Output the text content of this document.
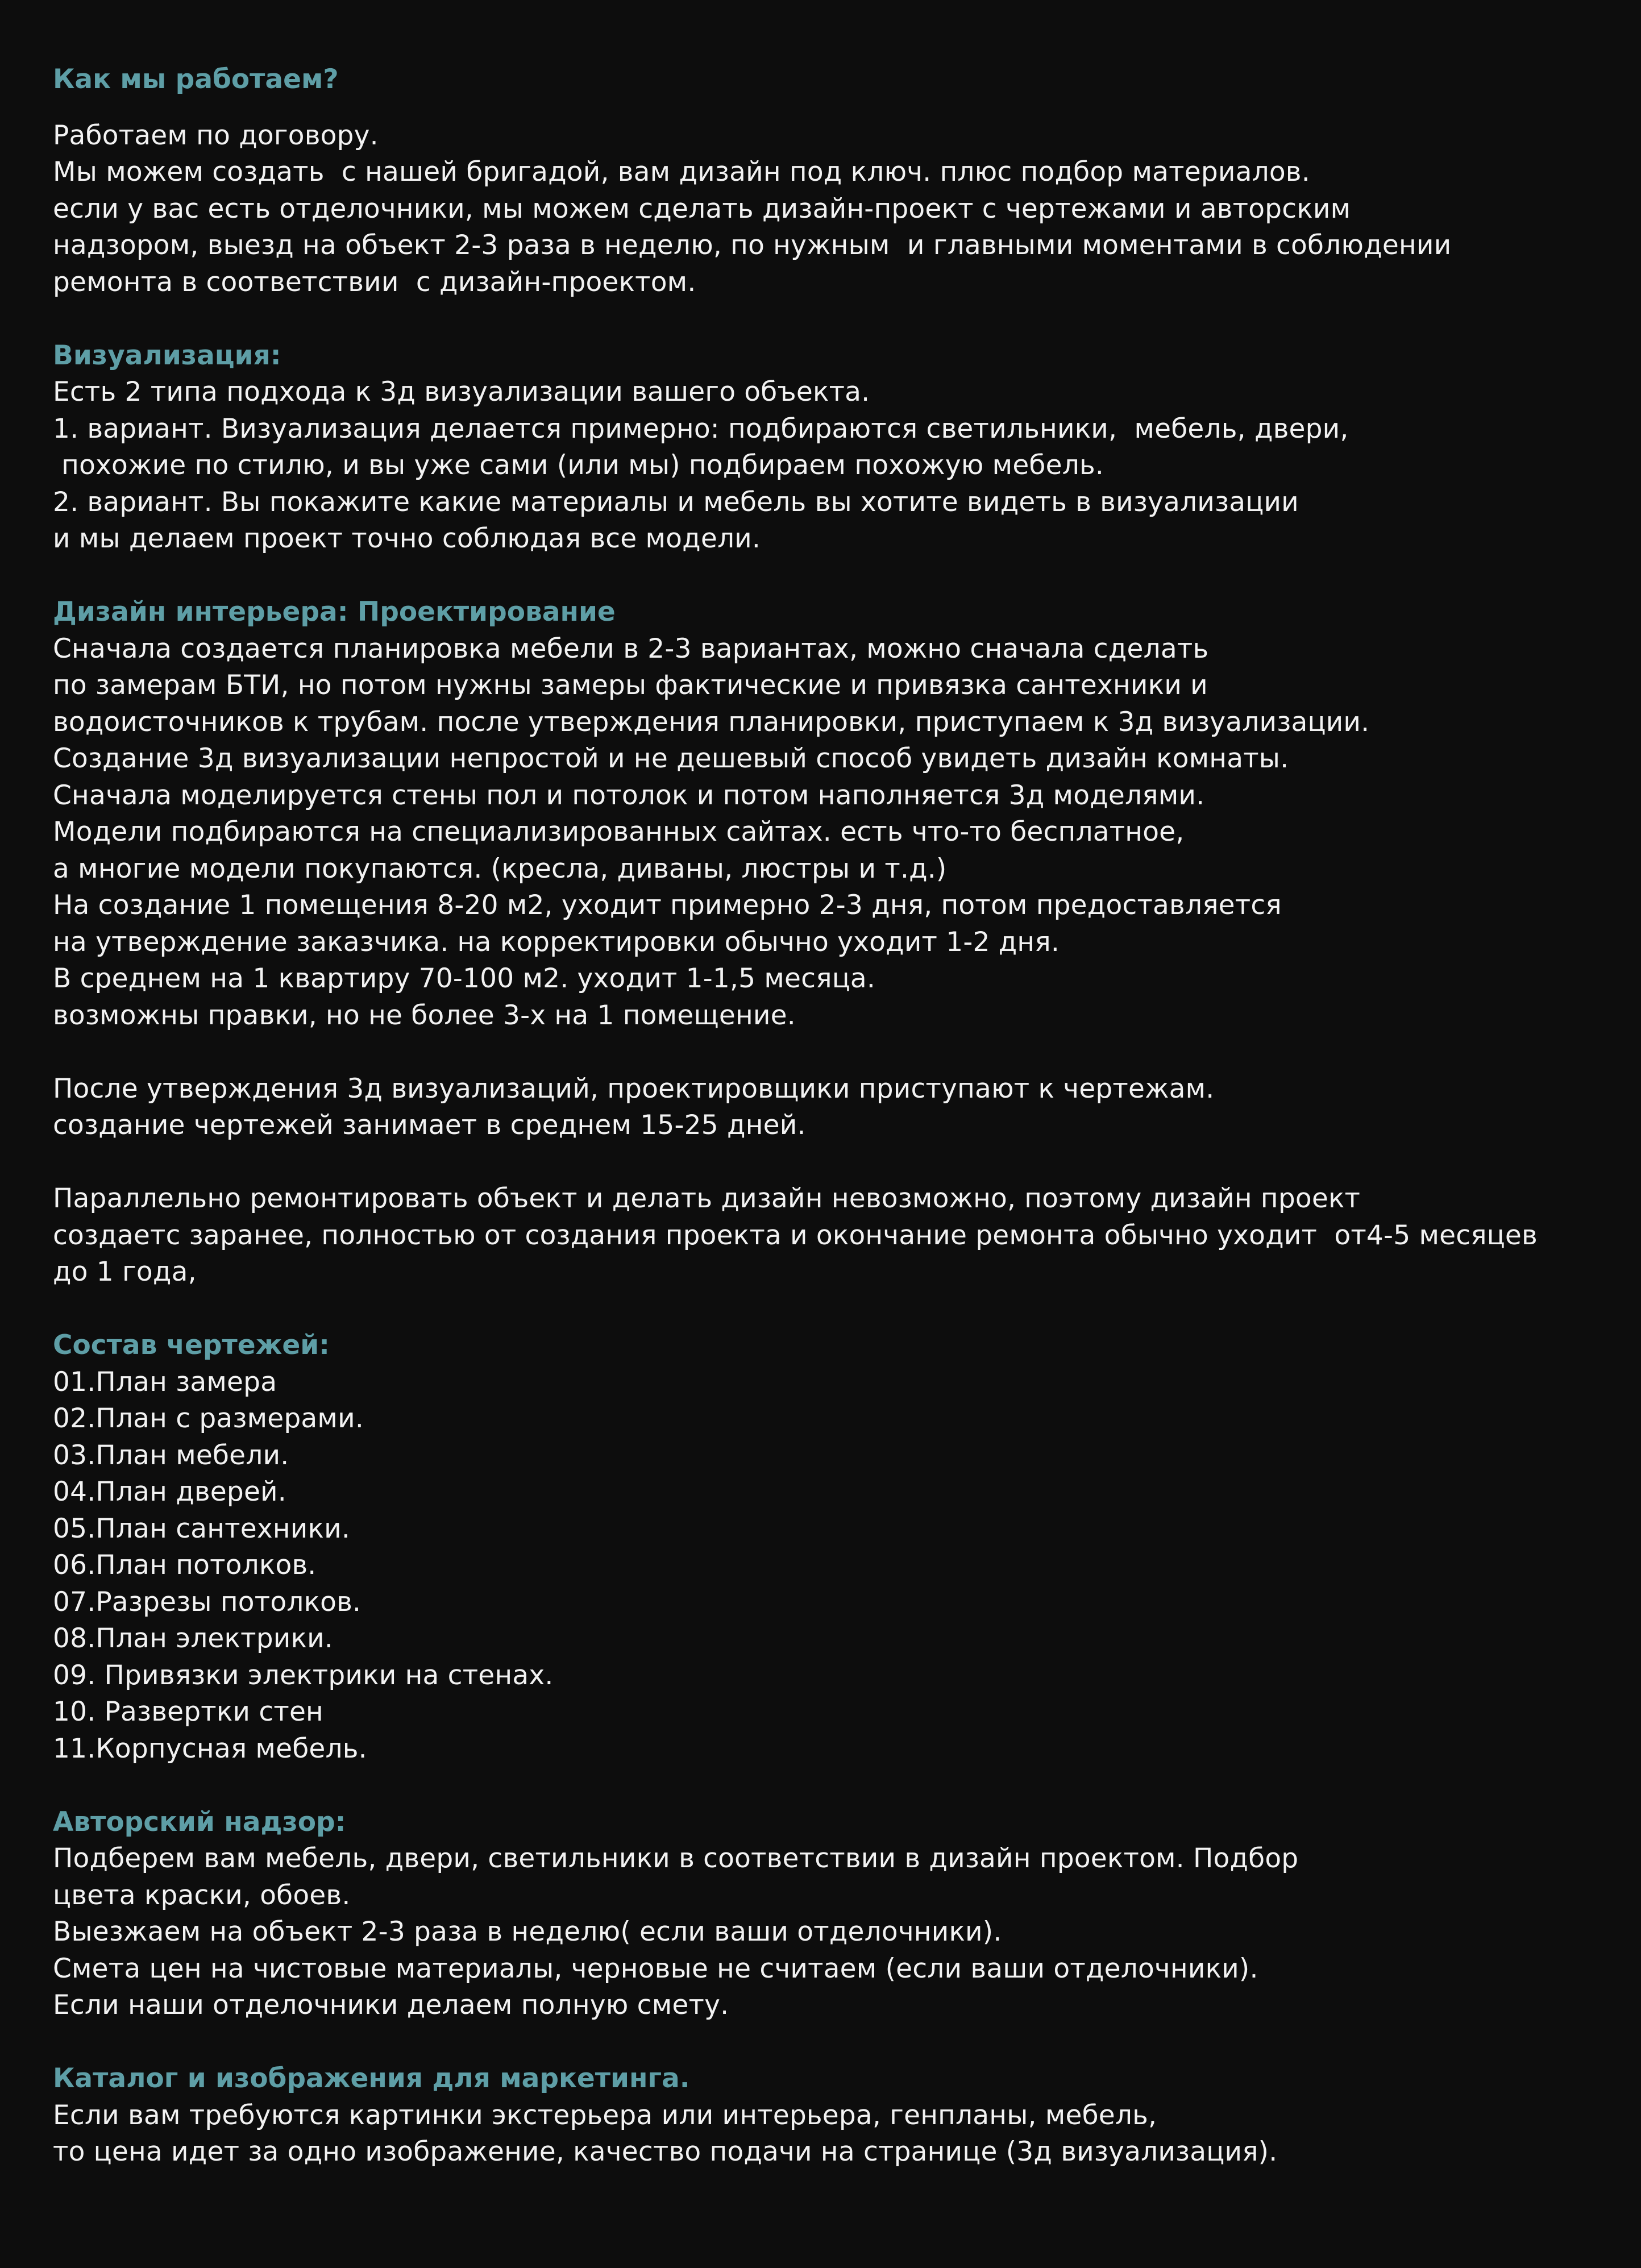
Как мы работаем?

Работаем по договору.

Мы можем создать  с нашей бригадой, вам дизайн под ключ. плюс подбор материалов.

если у вас есть отделочники, мы можем сделать дизайн-проект с чертежами и авторским

надзором, выезд на объект 2-3 раза в неделю, по нужным  и главными моментами в соблюдении

ремонта в соответствии  с дизайн-проектом.

Визуализация:

Есть 2 типа подхода к 3д визуализации вашего объекта.

1. вариант. Визуализация делается примерно: подбираются светильники,  мебель, двери,

похожие по стилю, и вы уже сами (или мы) подбираем похожую мебель.

2. вариант. Вы покажите какие материалы и мебель вы хотите видеть в визуализации

и мы делаем проект точно соблюдая все модели.

Дизайн интерьера: Проектирование

Сначала создается планировка мебели в 2-3 вариантах, можно сначала сделать

по замерам БТИ, но потом нужны замеры фактические и привязка сантехники и

водоисточников к трубам. после утверждения планировки, приступаем к 3д визуализации.

Создание 3д визуализации непростой и не дешевый способ увидеть дизайн комнаты.

Сначала моделируется стены пол и потолок и потом наполняется 3д моделями.

Модели подбираются на специализированных сайтах. есть что-то бесплатное,

а многие модели покупаются. (кресла, диваны, люстры и т.д.)

На создание 1 помещения 8-20 м2, уходит примерно 2-3 дня, потом предоставляется

на утверждение заказчика. на корректировки обычно уходит 1-2 дня.

В среднем на 1 квартиру 70-100 м2. уходит 1-1,5 месяца.

возможны правки, но не более 3-х на 1 помещение.

После утверждения 3д визуализаций, проектировщики приступают к чертежам.

создание чертежей занимает в среднем 15-25 дней.

Параллельно ремонтировать объект и делать дизайн невозможно, поэтому дизайн проект

создаетс заранее, полностью от создания проекта и окончание ремонта обычно уходит  от4-5 месяцев

до 1 года,

Состав чертежей:

01.План замера

02.План с размерами.

03.План мебели.

04.План дверей.

05.План сантехники.

06.План потолков.

07.Разрезы потолков.

08.План электрики.

09. Привязки электрики на стенах.

10. Развертки стен

11.Корпусная мебель.

Авторский надзор:

Подберем вам мебель, двери, светильники в соответствии в дизайн проектом. Подбор

цвета краски, обоев.

Выезжаем на объект 2-3 раза в неделю( если ваши отделочники).

Смета цен на чистовые материалы, черновые не считаем (если ваши отделочники).

Если наши отделочники делаем полную смету.

Каталог и изображения для маркетинга.

Если вам требуются картинки экстерьера или интерьера, генпланы, мебель,

то цена идет за одно изображение, качество подачи на странице (3д визуализация).
